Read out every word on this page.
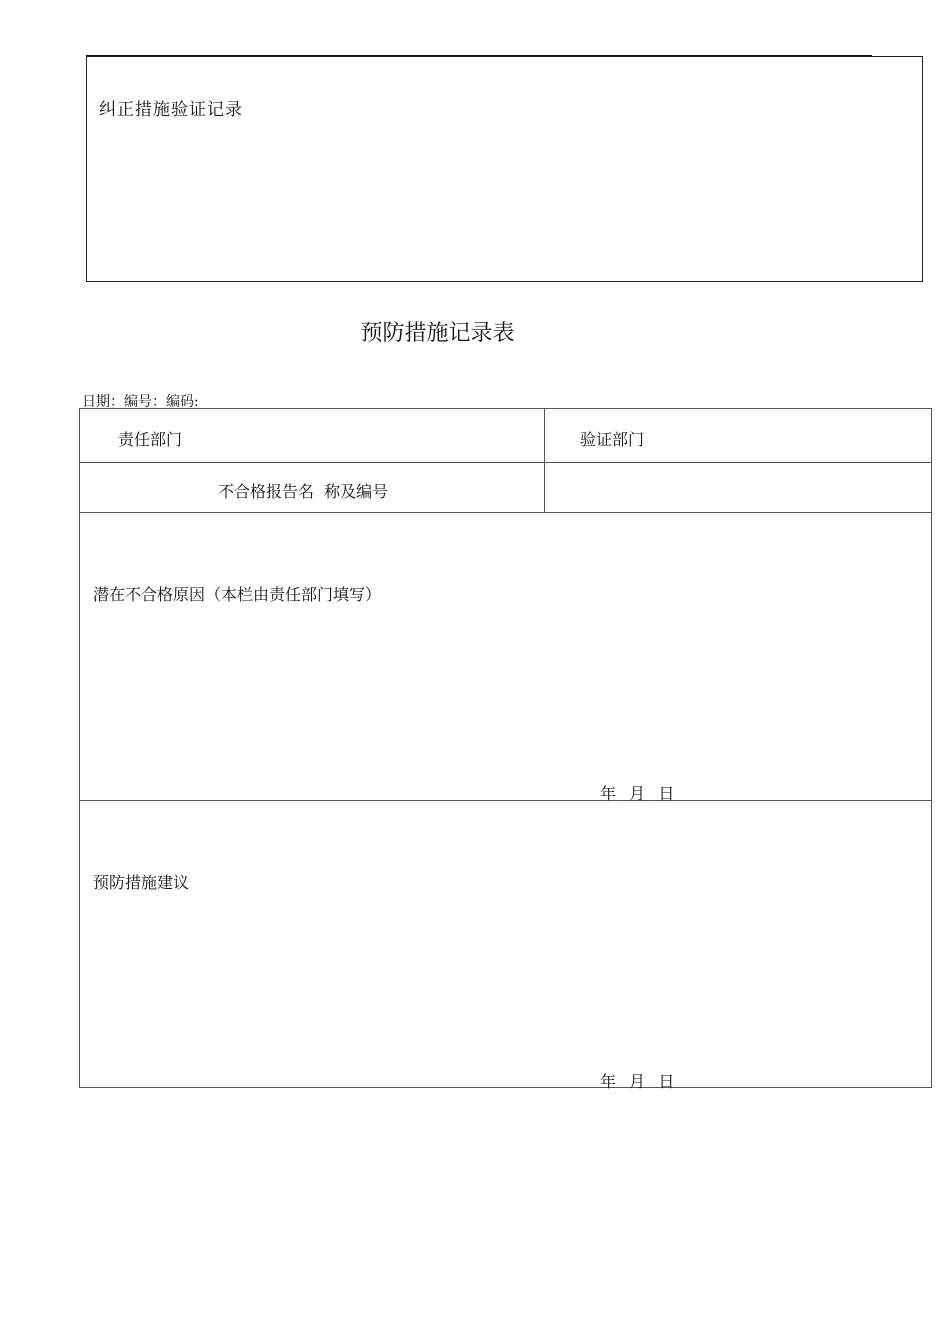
纠正措施验证记录
预防措施记录表
日期：编号：编码:
责任部门	验证部门
不合格报告名  称及编号
潜在不合格原因（本栏由责任部门填写）
年  月  日
预防措施建议
年  月  日
